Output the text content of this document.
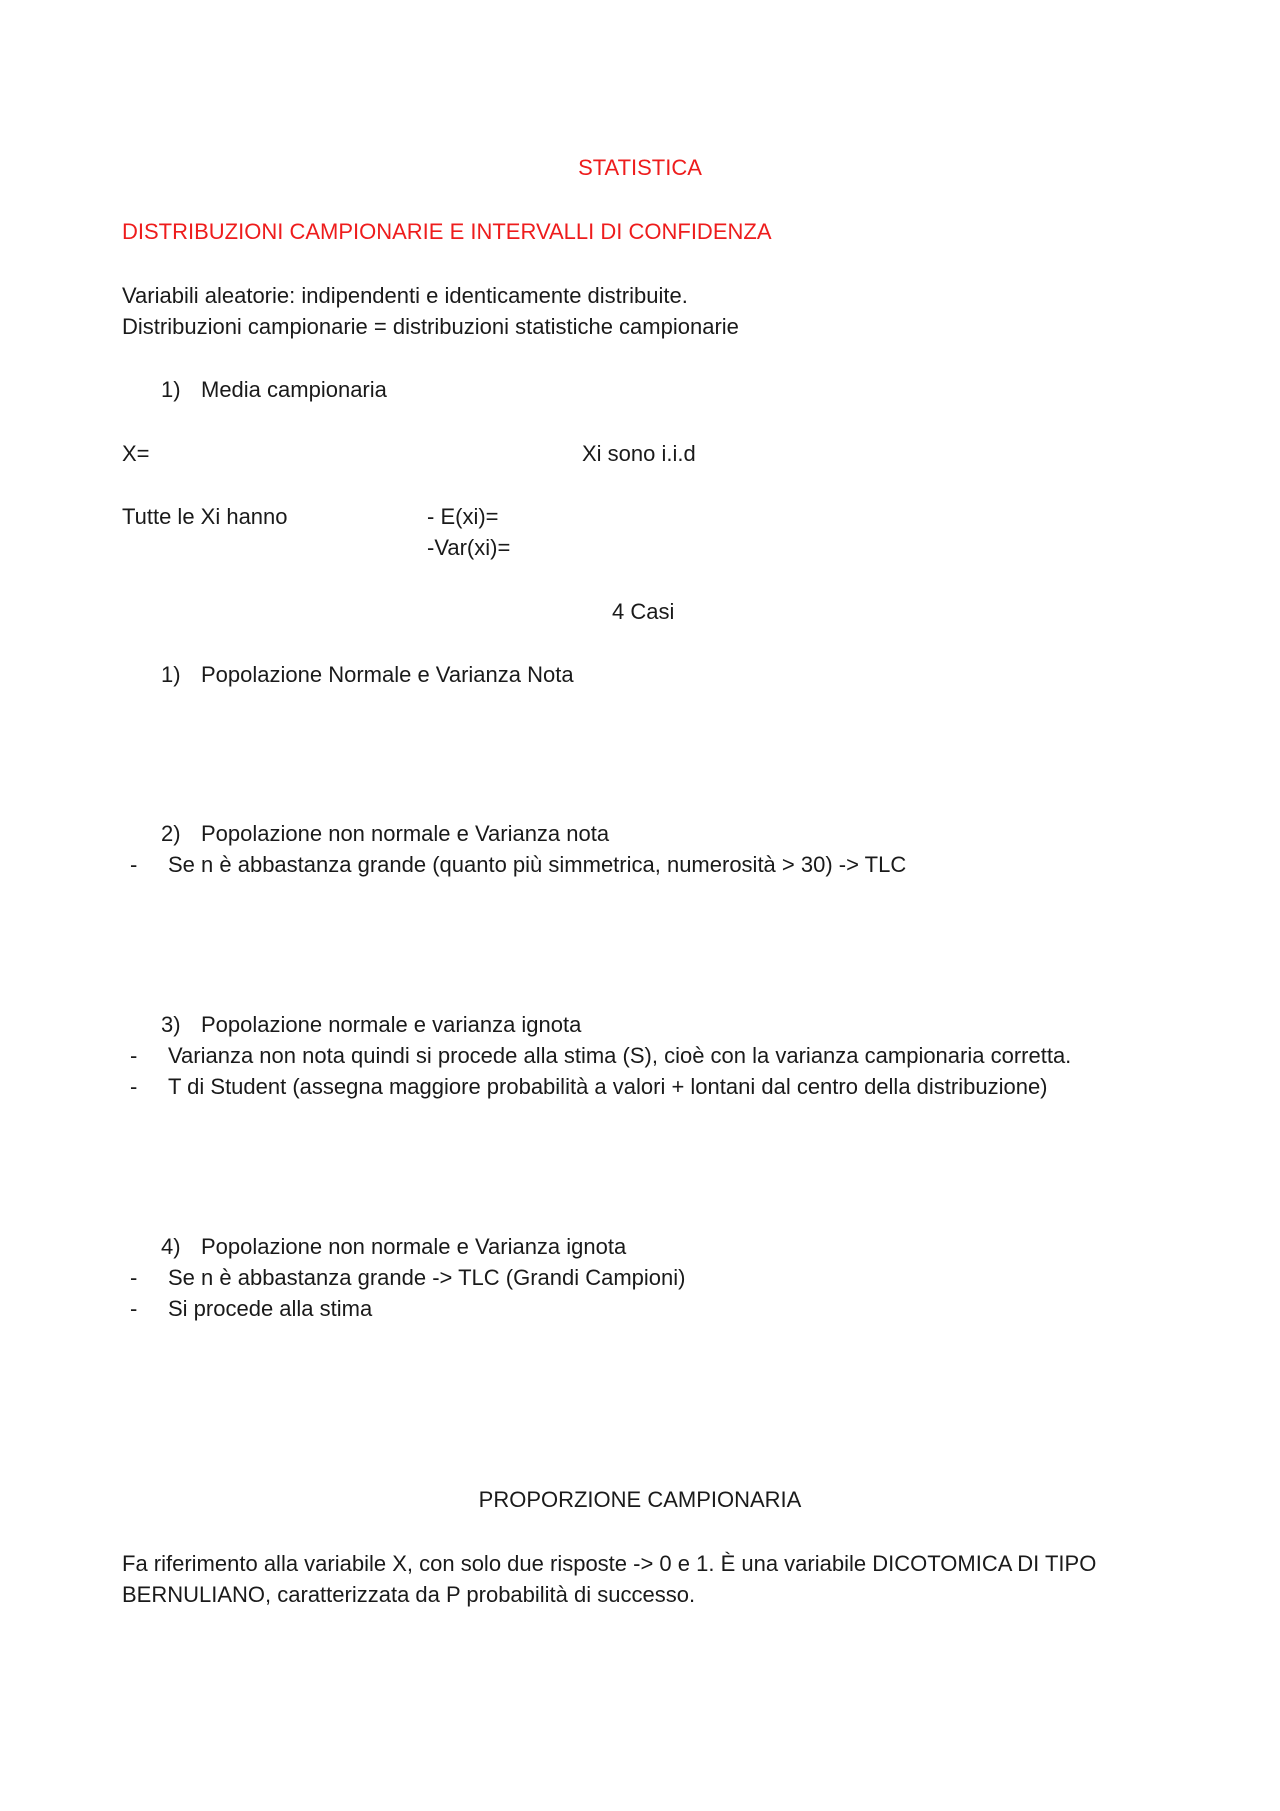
STATISTICA
DISTRIBUZIONI CAMPIONARIE E INTERVALLI DI CONFIDENZA
Variabili aleatorie: indipendenti e identicamente distribuite.
Distribuzioni campionarie = distribuzioni statistiche campionarie
1) Media campionaria
X=	Xi sono i.i.d
Tutte le Xi hanno	- E(xi)=
-Var(xi)=
4 Casi
1) Popolazione Normale e Varianza Nota
2) Popolazione non normale e Varianza nota
- Se n è abbastanza grande (quanto più simmetrica, numerosità > 30) -> TLC
3) Popolazione normale e varianza ignota
- Varianza non nota quindi si procede alla stima (S), cioè con la varianza campionaria corretta.
- T di Student (assegna maggiore probabilità a valori + lontani dal centro della distribuzione)
4) Popolazione non normale e Varianza ignota
- Se n è abbastanza grande -> TLC (Grandi Campioni)
- Si procede alla stima
PROPORZIONE CAMPIONARIA
Fa riferimento alla variabile X, con solo due risposte -> 0 e 1. È una variabile DICOTOMICA DI TIPO
BERNULIANO, caratterizzata da P probabilità di successo.
